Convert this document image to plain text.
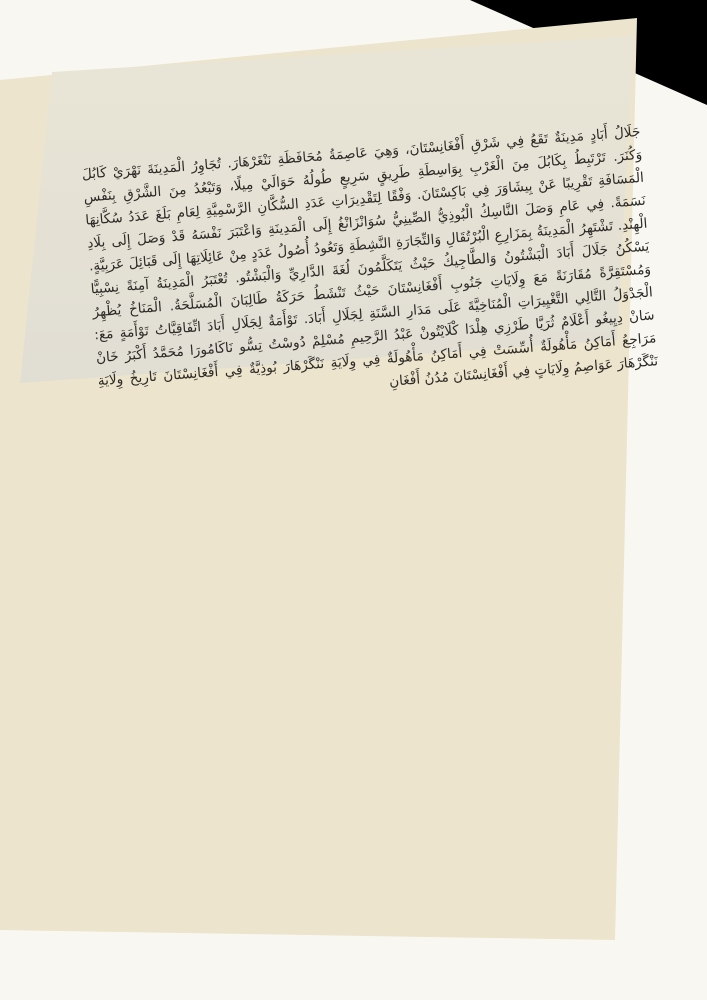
جَلَالُ أَبَادٍ مَدِينَةٌ تَقَعُ فِي شَرْقِ أَفْغَانِسْتَانَ، وَهِيَ عَاصِمَةُ مُحَافَظَةِ نَنْغَرْهَارَ. تُجَاوِرُ الْمَدِينَةَ نَهْرَيْ كَابُلَ وَكُنَرَ. تَرْتَبِطُ بِكَابُلَ مِنَ الْغَرْبِ بِوَاسِطَةِ طَرِيقٍ سَرِيعٍ طُولُهُ حَوَالَيْ مِيلًا، وَتَبْعُدُ مِنَ الشَّرْقِ بِنَفْسِ الْمَسَافَةِ تَقْرِيبًا عَنْ بِيشَاوَرَ فِي بَاكِسْتَانَ. وَفْقًا لِتَقْدِيرَاتِ عَدَدِ السُّكَّانِ الرَّسْمِيَّةِ لِعَامِ بَلَغَ عَدَدُ سُكَّانِهَا نَسَمَةً. فِي عَامِ وَصَلَ النَّاسِكُ الْبُوذِيُّ الصِّينِيُّ سُوَانْزَانْغُ إِلَى الْمَدِينَةِ وَاعْتَبَرَ نَفْسَهُ قَدْ وَصَلَ إِلَى بِلَادِ الْهِنْدِ. تَشْتَهِرُ الْمَدِينَةُ بِمَزَارِعِ الْبُرْتُقَالِ وَالتِّجَارَةِ النَّشِطَةِ وَتَعُودُ أُصُولُ عَدَدٍ مِنْ عَائِلَاتِهَا إِلَى قَبَائِلَ عَرَبِيَّةٍ. يَسْكُنُ جَلَالَ أَبَادَ الْبَشْتُونُ وَالطَّاجِيكُ حَيْثُ يَتَكَلَّمُونَ لُغَةَ الدَّارِيِّ وَالْبَشْتُو. تُعْتَبَرُ الْمَدِينَةُ آمِنَةً نِسْبِيًّا وَمُسْتَقِرَّةً مُقَارَنَةً مَعَ وِلَايَاتِ جَنُوبِ أَفْغَانِسْتَانَ حَيْثُ تَنْشَطُ حَرَكَةُ طَالِبَانَ الْمُسَلَّحَةُ. الْمَنَاخُ يُظْهِرُ الْجَدْوَلُ التَّالِي التَّغْيِيرَاتِ الْمُنَاخِيَّةَ عَلَى مَدَارِ السَّنَةِ لِجَلَالِ أَبَادَ. تَوْأَمَةٌ لِجَلَالِ أَبَادَ اتِّفَاقِيَّاتُ تَوْأَمَةٍ مَعَ: سَانْ دِيِيغُو أَعْلَامٌ ثُرَيَّا طَرْزِي هِلْدَا كْلَايْتُونْ عَبْدُ الرَّحِيمِ مُسْلِمْ دُوسْتُ تِسُّو نَاكَامُورَا مُحَمَّدُ أَكْبَرُ خَانْ مَرَاجِعُ أَمَاكِنُ مَأْهُولَةٌ أُسِّسَتْ فِي أَمَاكِنُ مَأْهُولَةٌ فِي وِلَايَةِ نَنْگَرْهَارَ بُوذِيَّةٌ فِي أَفْغَانِسْتَانَ تَارِيخُ وِلَايَةِ نَنْگَرْهَارَ عَوَاصِمُ وِلَايَاتٍ فِي أَفْغَانِسْتَانَ مُدُنُ أَفْغَانِ
